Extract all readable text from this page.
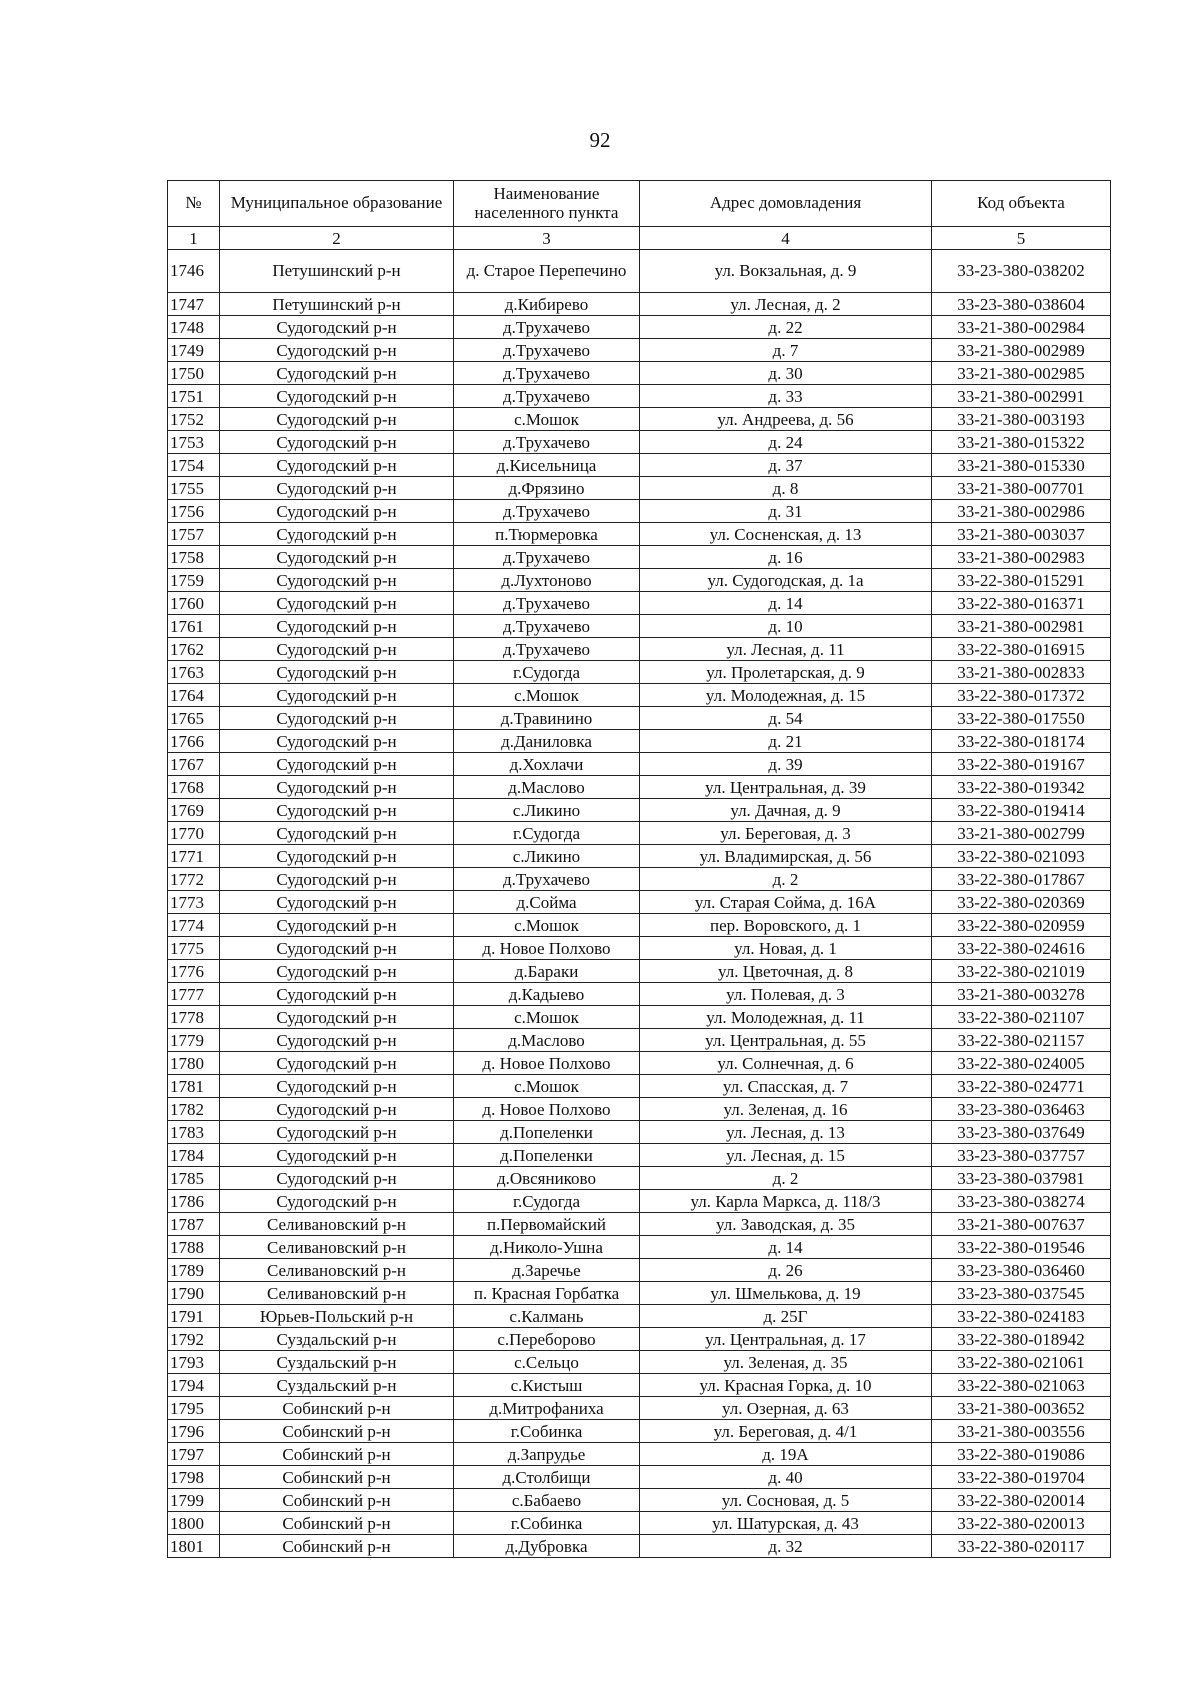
92
№	Муниципальное образование	Наименование населенного пункта	Адрес домовладения	Код объекта
1	2	3	4	5
1746	Петушинский р-н	д. Старое Перепечино	ул. Вокзальная, д. 9	33-23-380-038202
1747	Петушинский р-н	д.Кибирево	ул. Лесная, д. 2	33-23-380-038604
1748	Судогодский р-н	д.Трухачево	д. 22	33-21-380-002984
1749	Судогодский р-н	д.Трухачево	д. 7	33-21-380-002989
1750	Судогодский р-н	д.Трухачево	д. 30	33-21-380-002985
1751	Судогодский р-н	д.Трухачево	д. 33	33-21-380-002991
1752	Судогодский р-н	с.Мошок	ул. Андреева, д. 56	33-21-380-003193
1753	Судогодский р-н	д.Трухачево	д. 24	33-21-380-015322
1754	Судогодский р-н	д.Кисельница	д. 37	33-21-380-015330
1755	Судогодский р-н	д.Фрязино	д. 8	33-21-380-007701
1756	Судогодский р-н	д.Трухачево	д. 31	33-21-380-002986
1757	Судогодский р-н	п.Тюрмеровка	ул. Сосненская, д. 13	33-21-380-003037
1758	Судогодский р-н	д.Трухачево	д. 16	33-21-380-002983
1759	Судогодский р-н	д.Лухтоново	ул. Судогодская, д. 1а	33-22-380-015291
1760	Судогодский р-н	д.Трухачево	д. 14	33-22-380-016371
1761	Судогодский р-н	д.Трухачево	д. 10	33-21-380-002981
1762	Судогодский р-н	д.Трухачево	ул. Лесная, д. 11	33-22-380-016915
1763	Судогодский р-н	г.Судогда	ул. Пролетарская, д. 9	33-21-380-002833
1764	Судогодский р-н	с.Мошок	ул. Молодежная, д. 15	33-22-380-017372
1765	Судогодский р-н	д.Травинино	д. 54	33-22-380-017550
1766	Судогодский р-н	д.Даниловка	д. 21	33-22-380-018174
1767	Судогодский р-н	д.Хохлачи	д. 39	33-22-380-019167
1768	Судогодский р-н	д.Маслово	ул. Центральная, д. 39	33-22-380-019342
1769	Судогодский р-н	с.Ликино	ул. Дачная, д. 9	33-22-380-019414
1770	Судогодский р-н	г.Судогда	ул. Береговая, д. 3	33-21-380-002799
1771	Судогодский р-н	с.Ликино	ул. Владимирская, д. 56	33-22-380-021093
1772	Судогодский р-н	д.Трухачево	д. 2	33-22-380-017867
1773	Судогодский р-н	д.Сойма	ул. Старая Сойма, д. 16А	33-22-380-020369
1774	Судогодский р-н	с.Мошок	пер. Воровского, д. 1	33-22-380-020959
1775	Судогодский р-н	д. Новое Полхово	ул. Новая, д. 1	33-22-380-024616
1776	Судогодский р-н	д.Бараки	ул. Цветочная, д. 8	33-22-380-021019
1777	Судогодский р-н	д.Кадыево	ул. Полевая, д. 3	33-21-380-003278
1778	Судогодский р-н	с.Мошок	ул. Молодежная, д. 11	33-22-380-021107
1779	Судогодский р-н	д.Маслово	ул. Центральная, д. 55	33-22-380-021157
1780	Судогодский р-н	д. Новое Полхово	ул. Солнечная, д. 6	33-22-380-024005
1781	Судогодский р-н	с.Мошок	ул. Спасская, д. 7	33-22-380-024771
1782	Судогодский р-н	д. Новое Полхово	ул. Зеленая, д. 16	33-23-380-036463
1783	Судогодский р-н	д.Попеленки	ул. Лесная, д. 13	33-23-380-037649
1784	Судогодский р-н	д.Попеленки	ул. Лесная, д. 15	33-23-380-037757
1785	Судогодский р-н	д.Овсяниково	д. 2	33-23-380-037981
1786	Судогодский р-н	г.Судогда	ул. Карла Маркса, д. 118/3	33-23-380-038274
1787	Селивановский р-н	п.Первомайский	ул. Заводская, д. 35	33-21-380-007637
1788	Селивановский р-н	д.Николо-Ушна	д. 14	33-22-380-019546
1789	Селивановский р-н	д.Заречье	д. 26	33-23-380-036460
1790	Селивановский р-н	п. Красная Горбатка	ул. Шмелькова, д. 19	33-23-380-037545
1791	Юрьев-Польский р-н	с.Калмань	д. 25Г	33-22-380-024183
1792	Суздальский р-н	с.Переборово	ул. Центральная, д. 17	33-22-380-018942
1793	Суздальский р-н	с.Сельцо	ул. Зеленая, д. 35	33-22-380-021061
1794	Суздальский р-н	с.Кистыш	ул. Красная Горка, д. 10	33-22-380-021063
1795	Собинский р-н	д.Митрофаниха	ул. Озерная, д. 63	33-21-380-003652
1796	Собинский р-н	г.Собинка	ул. Береговая, д. 4/1	33-21-380-003556
1797	Собинский р-н	д.Запрудье	д. 19А	33-22-380-019086
1798	Собинский р-н	д.Столбищи	д. 40	33-22-380-019704
1799	Собинский р-н	с.Бабаево	ул. Сосновая, д. 5	33-22-380-020014
1800	Собинский р-н	г.Собинка	ул. Шатурская, д. 43	33-22-380-020013
1801	Собинский р-н	д.Дубровка	д. 32	33-22-380-020117
